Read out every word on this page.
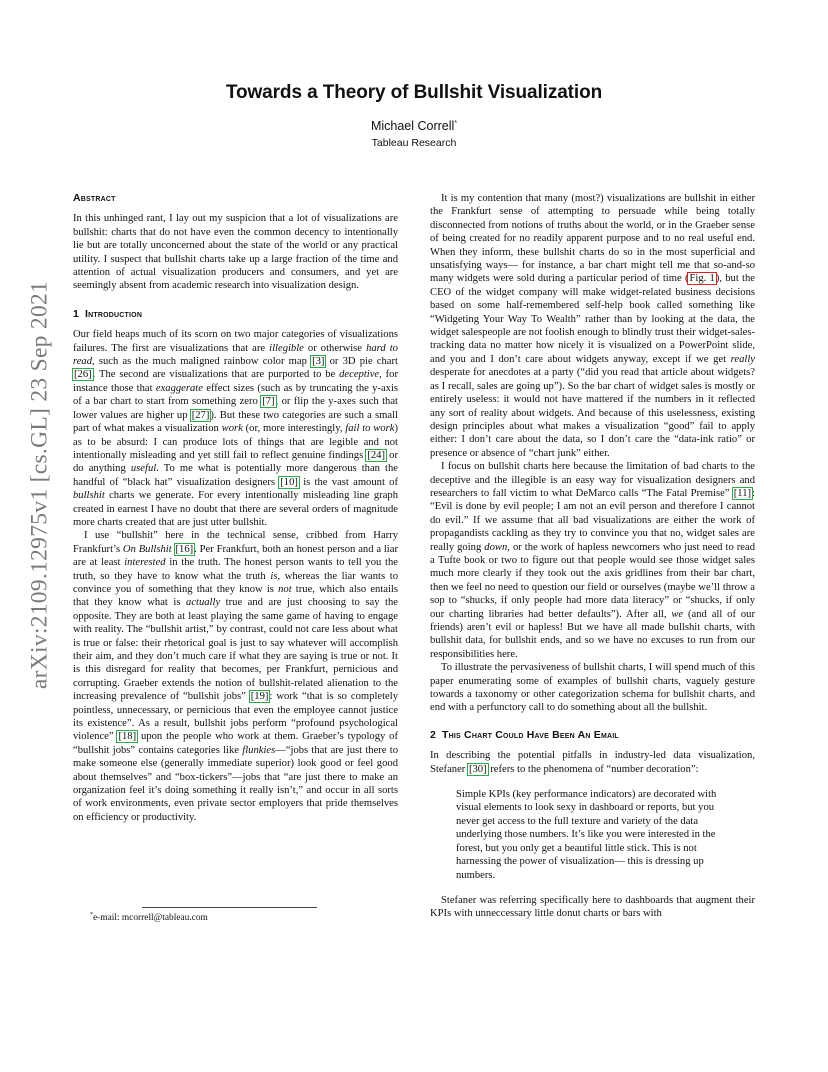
Towards a Theory of Bullshit Visualization
Michael Correll*
Tableau Research
arXiv:2109.12975v1 [cs.GL] 23 Sep 2021
Abstract

In this unhinged rant, I lay out my suspicion that a lot of visualizations are bullshit: charts that do not have even the common decency to intentionally lie but are totally unconcerned about the state of the world or any practical utility. I suspect that bullshit charts take up a large fraction of the time and attention of actual visualization producers and consumers, and yet are seemingly absent from academic research into visualization design.

1 Introduction

Our field heaps much of its scorn on two major categories of visualizations failures. The first are visualizations that are illegible or otherwise hard to read, such as the much maligned rainbow color map [3] or 3D pie chart [26]. The second are visualizations that are purported to be deceptive, for instance those that exaggerate effect sizes (such as by truncating the y-axis of a bar chart to start from something zero [7], or flip the y-axes such that lower values are higher up [27]). But these two categories are such a small part of what makes a visualization work (or, more interestingly, fail to work) as to be absurd: I can produce lots of things that are legible and not intentionally misleading and yet still fail to reflect genuine findings [24] or do anything useful. To me what is potentially more dangerous than the handful of “black hat” visualization designers [10] is the vast amount of bullshit charts we generate. For every intentionally misleading line graph created in earnest I have no doubt that there are several orders of magnitude more charts created that are just utter bullshit.

I use “bullshit” here in the technical sense, cribbed from Harry Frankfurt’s On Bullshit [16]. Per Frankfurt, both an honest person and a liar are at least interested in the truth. The honest person wants to tell you the truth, so they have to know what the truth is, whereas the liar wants to convince you of something that they know is not true, which also entails that they know what is actually true and are just choosing to say the opposite. They are both at least playing the same game of having to engage with reality. The “bullshit artist,” by contrast, could not care less about what is true or false: their rhetorical goal is just to say whatever will accomplish their aim, and they don’t much care if what they are saying is true or not. It is this disregard for reality that becomes, per Frankfurt, pernicious and corrupting. Graeber extends the notion of bullshit-related alienation to the increasing prevalence of “bullshit jobs” [19]: work “that is so completely pointless, unnecessary, or pernicious that even the employee cannot justice its existence”. As a result, bullshit jobs perform “profound psychological violence” [18] upon the people who work at them. Graeber’s typology of “bullshit jobs” contains categories like flunkies—“jobs that are just there to make someone else (generally immediate superior) look good or feel good about themselves” and “box-tickers”—jobs that “are just there to make an organization feel it’s doing something it really isn’t,” and occur in all sorts of work environments, even private sector employers that pride themselves on efficiency or productivity.

*e-mail: mcorrell@tableau.com

It is my contention that many (most?) visualizations are bullshit in either the Frankfurt sense of attempting to persuade while being totally disconnected from notions of truths about the world, or in the Graeber sense of being created for no readily apparent purpose and to no real useful end. When they inform, these bullshit charts do so in the most superficial and unsatisfying ways— for instance, a bar chart might tell me that so-and-so many widgets were sold during a particular period of time (Fig. 1), but the CEO of the widget company will make widget-related business decisions based on some half-remembered self-help book called something like “Widgeting Your Way To Wealth” rather than by looking at the data, the widget salespeople are not foolish enough to blindly trust their widget-sales-tracking data no matter how nicely it is visualized on a PowerPoint slide, and you and I don’t care about widgets anyway, except if we get really desperate for anecdotes at a party (“did you read that article about widgets? as I recall, sales are going up”). So the bar chart of widget sales is mostly or entirely useless: it would not have mattered if the numbers in it reflected any sort of reality about widgets. And because of this uselessness, existing design principles about what makes a visualization “good” fail to apply either: I don’t care about the data, so I don’t care the “data-ink ratio” or presence or absence of “chart junk” either.

I focus on bullshit charts here because the limitation of bad charts to the deceptive and the illegible is an easy way for visualization designers and researchers to fall victim to what DeMarco calls “The Fatal Premise” [11]: “Evil is done by evil people; I am not an evil person and therefore I cannot do evil.” If we assume that all bad visualizations are either the work of propagandists cackling as they try to convince you that no, widget sales are really going down, or the work of hapless newcomers who just need to read a Tufte book or two to figure out that people would see those widget sales much more clearly if they took out the axis gridlines from their bar chart, then we feel no need to question our field or ourselves (maybe we’ll throw a sop to “shucks, if only people had more data literacy” or “shucks, if only our charting libraries had better defaults”). After all, we (and all of our friends) aren’t evil or hapless! But we have all made bullshit charts, with bullshit data, for bullshit ends, and so we have no excuses to run from our responsibilities here.

To illustrate the pervasiveness of bullshit charts, I will spend much of this paper enumerating some of examples of bullshit charts, vaguely gesture towards a taxonomy or other categorization schema for bullshit charts, and end with a perfunctory call to do something about all the bullshit.

2 This Chart Could Have Been An Email

In describing the potential pitfalls in industry-led data visualization, Stefaner [30] refers to the phenomena of “number decoration”:

Simple KPIs (key performance indicators) are decorated with visual elements to look sexy in dashboard or reports, but you never get access to the full texture and variety of the data underlying those numbers. It’s like you were interested in the forest, but you only get a beautiful little stick. This is not harnessing the power of visualization— this is dressing up numbers.

Stefaner was referring specifically here to dashboards that augment their KPIs with unneccessary little donut charts or bars with
